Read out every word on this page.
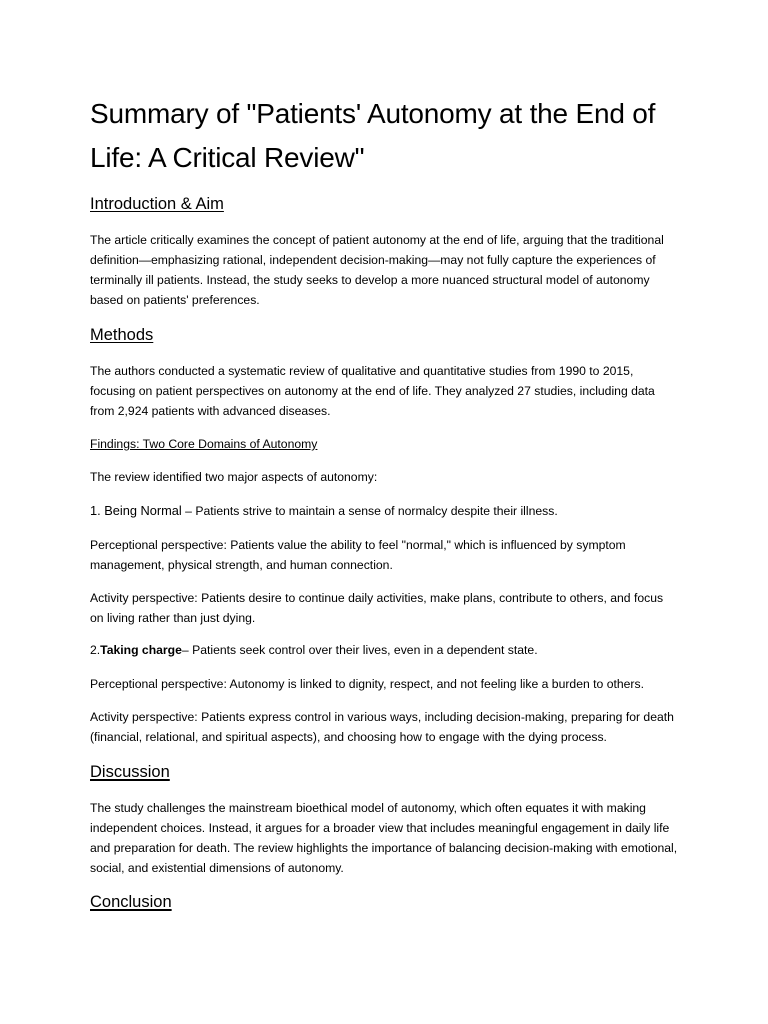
Summary of "Patients' Autonomy at the End of Life: A Critical Review"
Introduction & Aim

The article critically examines the concept of patient autonomy at the end of life, arguing that the traditional definition—emphasizing rational, independent decision-making—may not fully capture the experiences of terminally ill patients. Instead, the study seeks to develop a more nuanced structural model of autonomy based on patients' preferences.

Methods

The authors conducted a systematic review of qualitative and quantitative studies from 1990 to 2015, focusing on patient perspectives on autonomy at the end of life. They analyzed 27 studies, including data from 2,924 patients with advanced diseases.

Findings: Two Core Domains of Autonomy

The review identified two major aspects of autonomy:

1. Being Normal – Patients strive to maintain a sense of normalcy despite their illness.

Perceptional perspective: Patients value the ability to feel "normal," which is influenced by symptom management, physical strength, and human connection.

Activity perspective: Patients desire to continue daily activities, make plans, contribute to others, and focus on living rather than just dying.

2.Taking charge– Patients seek control over their lives, even in a dependent state.

Perceptional perspective: Autonomy is linked to dignity, respect, and not feeling like a burden to others.

Activity perspective: Patients express control in various ways, including decision-making, preparing for death (financial, relational, and spiritual aspects), and choosing how to engage with the dying process.

Discussion

The study challenges the mainstream bioethical model of autonomy, which often equates it with making independent choices. Instead, it argues for a broader view that includes meaningful engagement in daily life and preparation for death. The review highlights the importance of balancing decision-making with emotional, social, and existential dimensions of autonomy.

Conclusion
